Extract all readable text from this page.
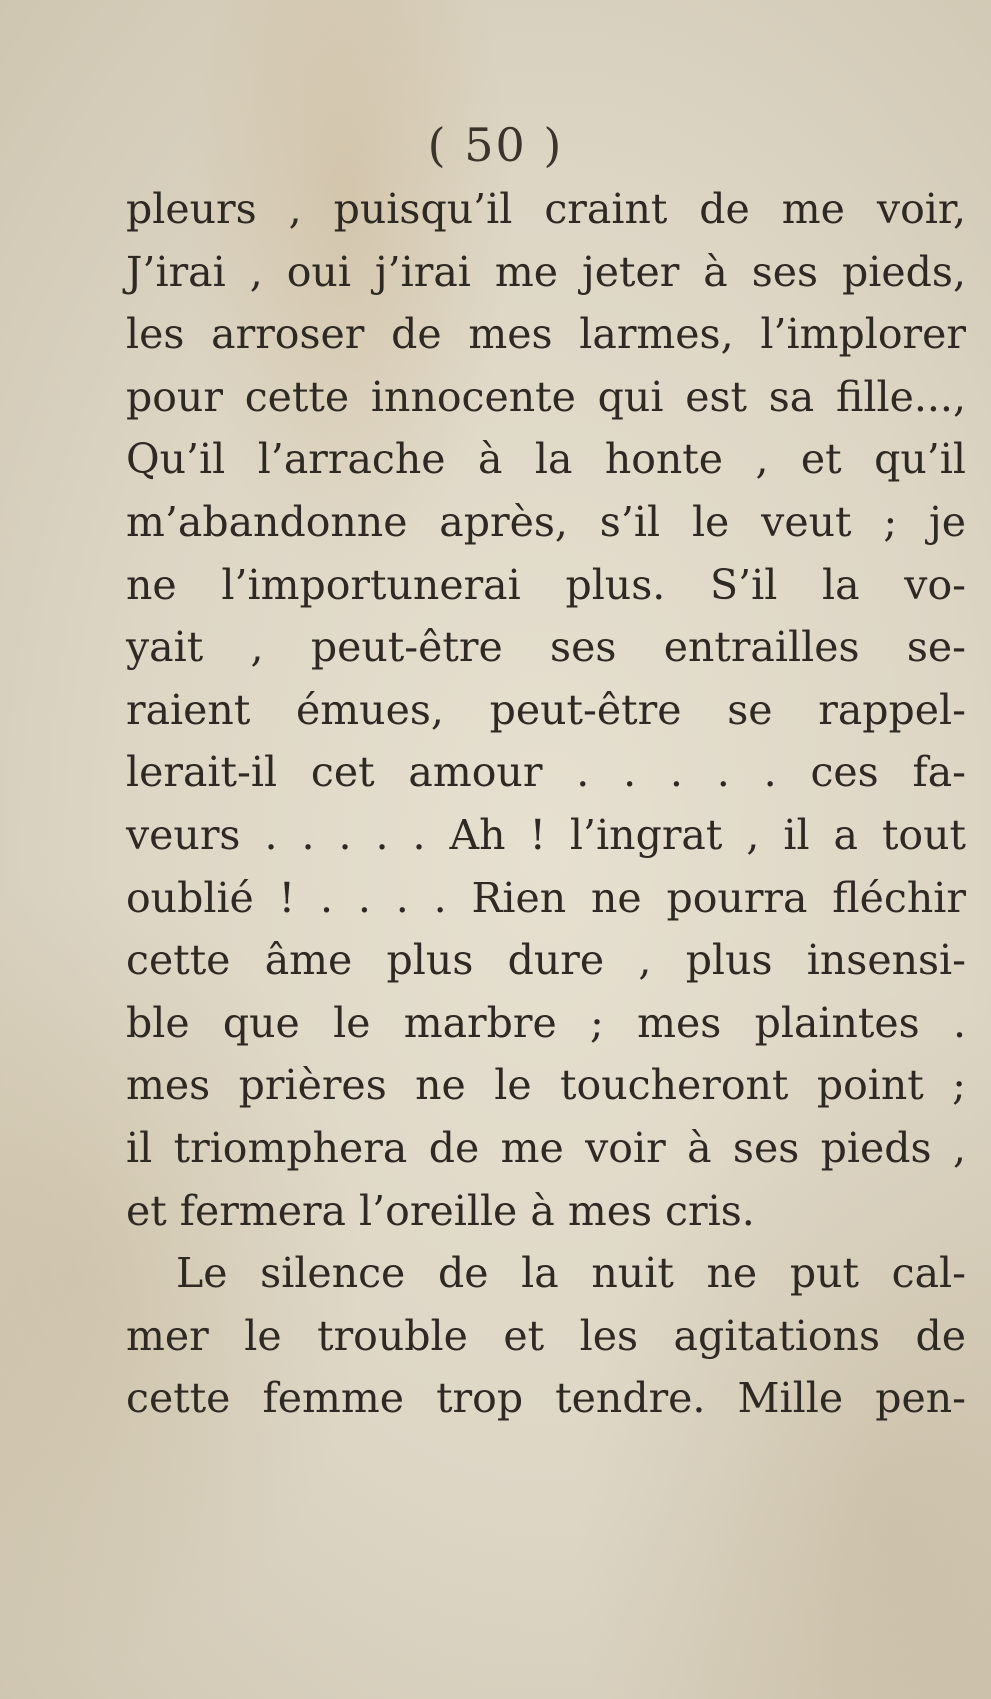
( 50 )
pleurs , puisqu’il craint de me voir,
J’irai , oui j’irai me jeter à ses pieds,
les arroser de mes larmes, l’implorer
pour cette innocente qui est sa fille...,
Qu’il l’arrache à la honte , et qu’il
m’abandonne après, s’il le veut ; je
ne l’importunerai plus. S’il la vo-
yait , peut-être ses entrailles se-
raient émues, peut-être se rappel-
lerait-il cet amour . . . . . ces fa-
veurs . . . . . Ah ! l’ingrat , il a tout
oublié ! . . . . Rien ne pourra fléchir
cette âme plus dure , plus insensi-
ble que le marbre ; mes plaintes .
mes prières ne le toucheront point ;
il triomphera de me voir à ses pieds ,
et fermera l’oreille à mes cris.
Le silence de la nuit ne put cal-
mer le trouble et les agitations de
cette femme trop tendre. Mille pen-
